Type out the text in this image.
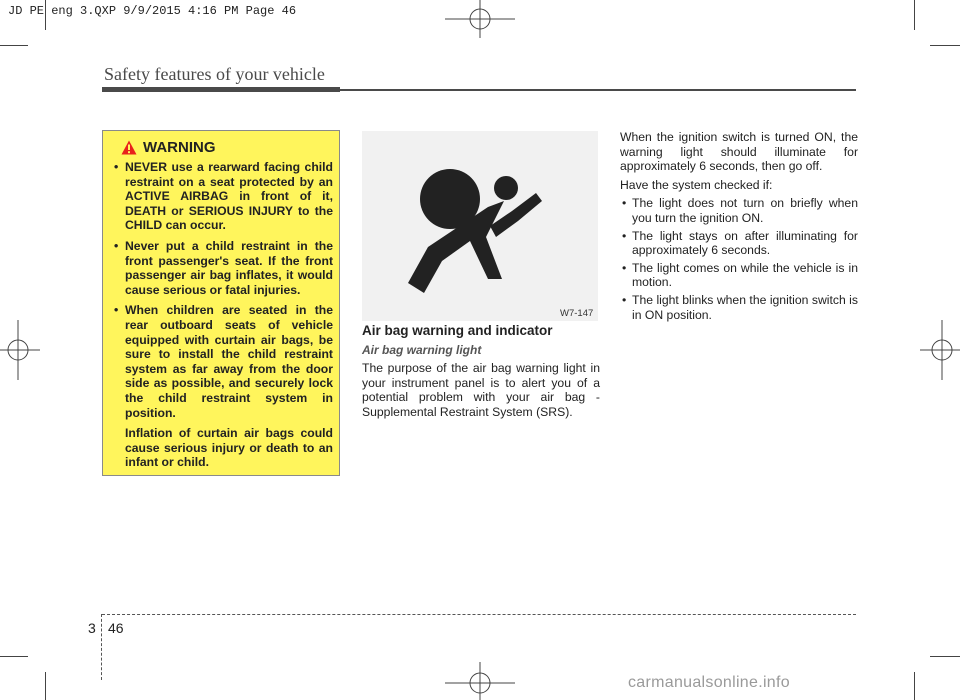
JD PE eng 3.QXP 9/9/2015 4:16 PM Page 46
Safety features of your vehicle
WARNING
• NEVER use a rearward facing child restraint on a seat protected by an ACTIVE AIRBAG in front of it, DEATH or SERIOUS INJURY to the CHILD can occur.
• Never put a child restraint in the front passenger's seat. If the front passenger air bag inflates, it would cause serious or fatal injuries.
• When children are seated in the rear outboard seats of vehicle equipped with curtain air bags, be sure to install the child restraint system as far away from the door side as possible, and securely lock the child restraint system in position.
Inflation of curtain air bags could cause serious injury or death to an infant or child.
W7-147
Air bag warning and indicator
Air bag warning light
The purpose of the air bag warning light in your instrument panel is to alert you of a potential problem with your air bag - Supplemental Restraint System (SRS).

When the ignition switch is turned ON, the warning light should illuminate for approximately 6 seconds, then go off.

Have the system checked if:

• The light does not turn on briefly when you turn the ignition ON.
• The light stays on after illuminating for approximately 6 seconds.
• The light comes on while the vehicle is in motion.
• The light blinks when the ignition switch is in ON position.
3 46
carmanualsonline.info
